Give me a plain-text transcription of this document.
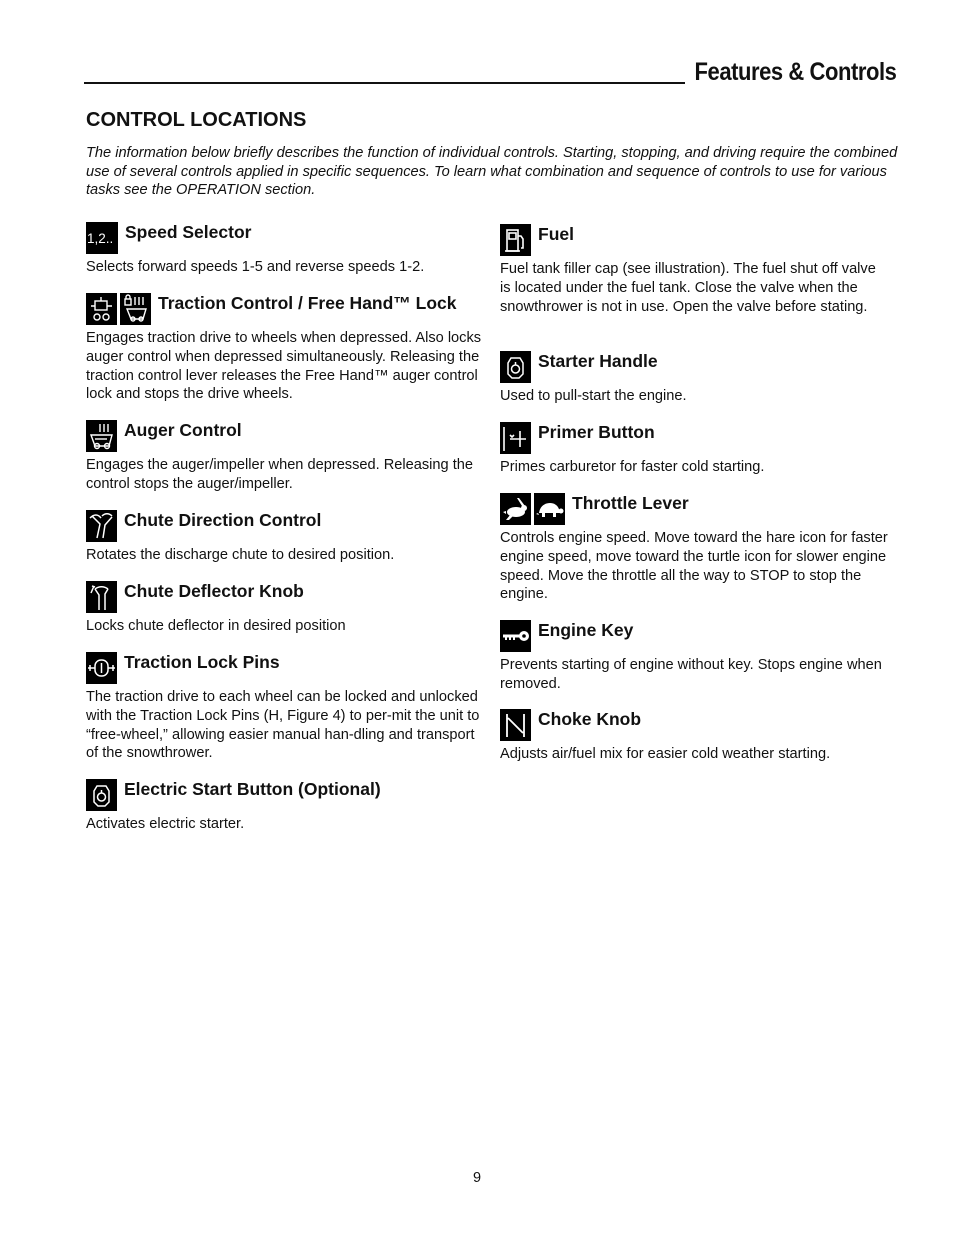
Features & Controls
CONTROL LOCATIONS

The information below briefly describes the function of individual controls. Starting, stopping, and driving require the combined use of several controls applied in specific sequences. To learn what combination and sequence of controls to use for various tasks see the OPERATION section.

1,2.. Speed Selector

Selects forward speeds 1-5 and reverse speeds 1-2.

Traction Control / Free Hand™ Lock

Engages traction drive to wheels when depressed. Also locks auger control when depressed simultaneously. Releasing the traction control lever releases the Free Hand™ auger control lock and stops the drive wheels.

Auger Control

Engages the auger/impeller when depressed. Releasing the control stops the auger/impeller.

Chute Direction Control

Rotates the discharge chute to desired position.

Chute Deflector Knob

Locks chute deflector in desired position

Traction Lock Pins

The traction drive to each wheel can be locked and unlocked with the Traction Lock Pins (H, Figure 4) to per-mit the unit to “free-wheel,” allowing easier manual han-dling and transport of the snowthrower.

Electric Start Button (Optional)

Activates electric starter.

Fuel

Fuel tank filler cap (see illustration). The fuel shut off valve is located under the fuel tank. Close the valve when the snowthrower is not in use. Open the valve before stating.

Starter Handle

Used to pull-start the engine.

Primer Button

Primes carburetor for faster cold starting.

Throttle Lever

Controls engine speed. Move toward the hare icon for faster engine speed, move toward the turtle icon for slower engine speed. Move the throttle all the way to STOP to stop the engine.

Engine Key

Prevents starting of engine without key. Stops engine when removed.

Choke Knob

Adjusts air/fuel mix for easier cold weather starting.

9
